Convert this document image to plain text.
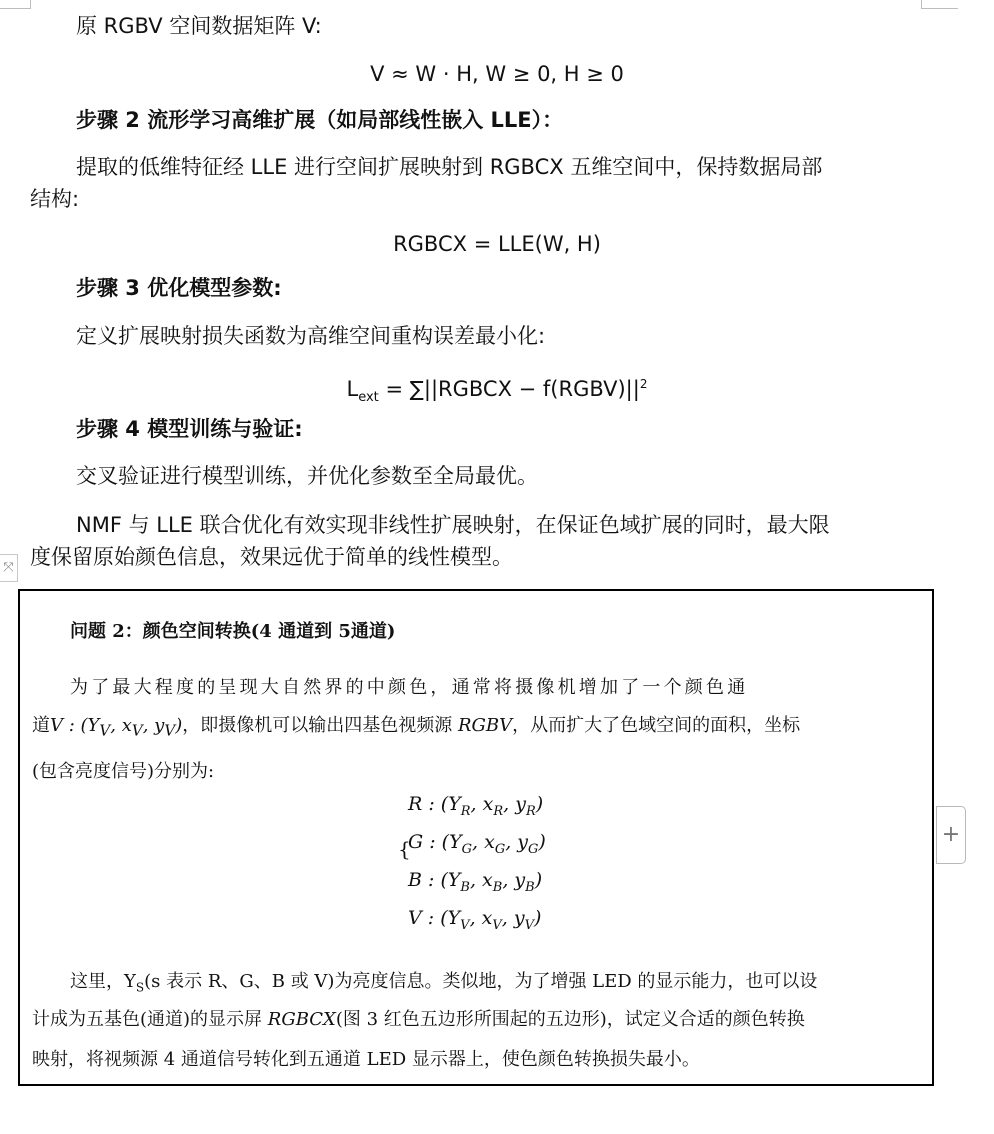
原 RGBV 空间数据矩阵 V:
V ≈ W · H, W ≥ 0, H ≥ 0
步骤 2 流形学习高维扩展（如局部线性嵌入 LLE）：
提取的低维特征经 LLE 进行空间扩展映射到 RGBCX 五维空间中，保持数据局部
结构:
RGBCX = LLE(W, H)
步骤 3 优化模型参数:
定义扩展映射损失函数为高维空间重构误差最小化:
$L_{ext}$ = ∑||RGBCX − $f(RGBV)||^2$
步骤 4 模型训练与验证:
交叉验证进行模型训练，并优化参数至全局最优。
NMF 与 LLE 联合优化有效实现非线性扩展映射，在保证色域扩展的同时，最大限
度保留原始颜色信息，效果远优于简单的线性模型。
⤧
+
问题 2：颜色空间转换(4 通道到 5通道)
为了最大程度的呈现大自然界的中颜色，通常将摄像机增加了一个颜色通
道V : ($Y_V$, $x_V$, $y_V$)，即摄像机可以输出四基色视频源 RGBV，从而扩大了色域空间的面积，坐标
(包含亮度信号)分别为:
{
R : ($Y_R$, $x_R$, $y_R$)
G : ($Y_G$, $x_G$, $y_G$)
B : ($Y_B$, $x_B$, $y_B$)
V : ($Y_V$, $x_V$, $y_V$)
这里，$Y_S(s$ 表示 R、G、B 或 V)为亮度信息。类似地，为了增强 LED 的显示能力，也可以设
计成为五基色(通道)的显示屏 RGBCX(图 3 红色五边形所围起的五边形)，试定义合适的颜色转换
映射，将视频源 4 通道信号转化到五通道 LED 显示器上，使色颜色转换损失最小。
